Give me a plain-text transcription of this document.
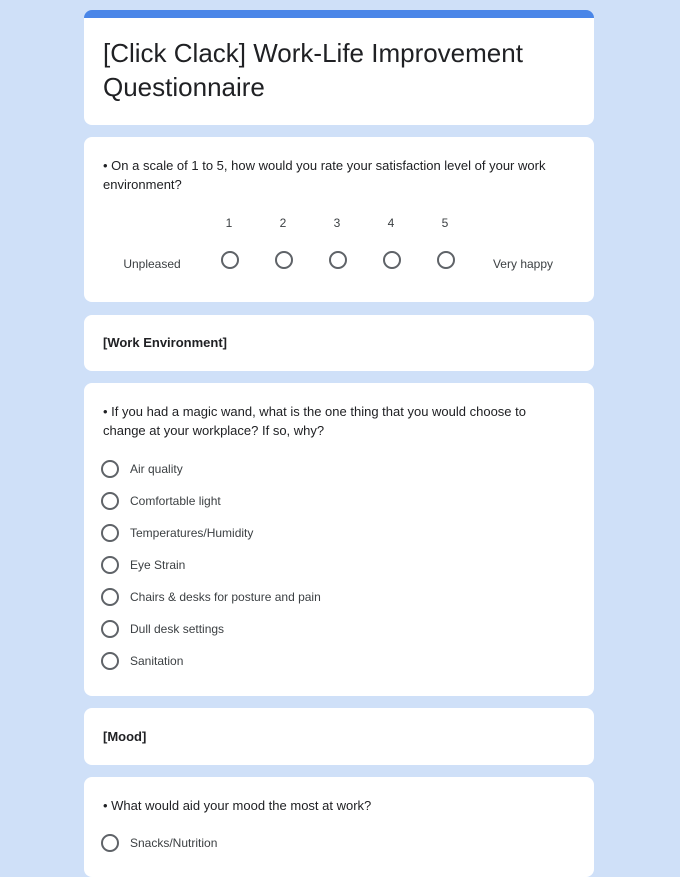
[Click Clack] Work-Life Improvement Questionnaire
• On a scale of 1 to 5, how would you rate your satisfaction level of your work environment?
Unpleased
1	2	3	4	5
Very happy
[Work Environment]
• If you had a magic wand, what is the one thing that you would choose to change at your workplace? If so, why?
Air quality
Comfortable light
Temperatures/Humidity
Eye Strain
Chairs & desks for posture and pain
Dull desk settings
Sanitation
[Mood]
• What would aid your mood the most at work?
Snacks/Nutrition
